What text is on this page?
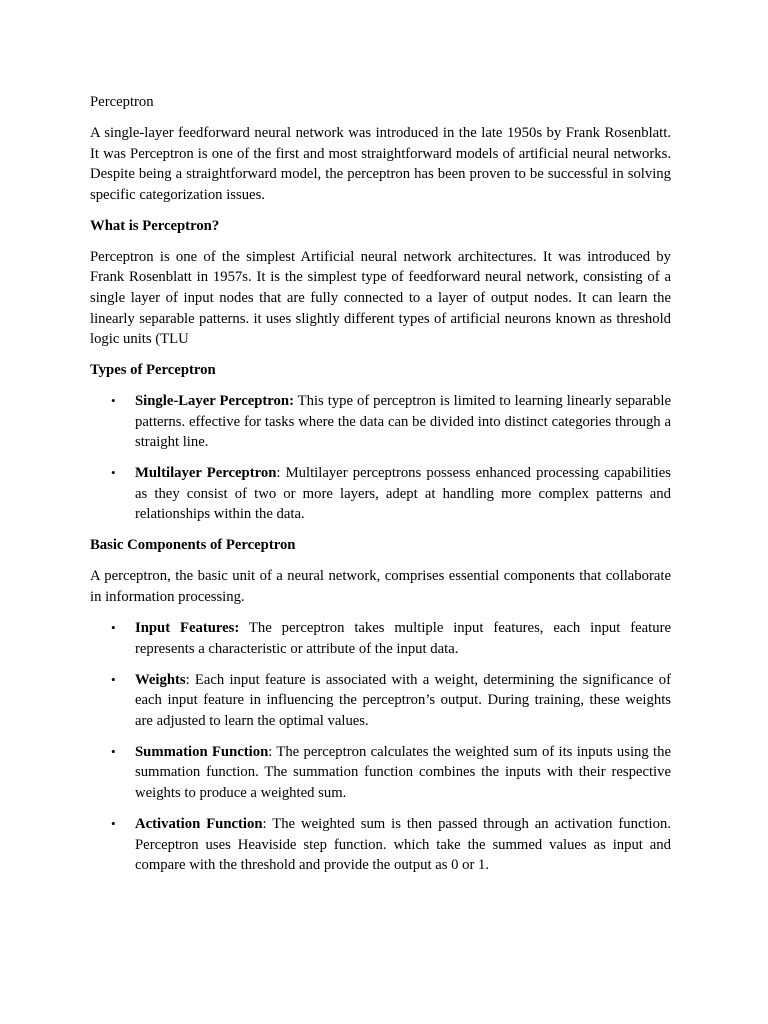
Perceptron

A single-layer feedforward neural network was introduced in the late 1950s by Frank Rosenblatt. It was Perceptron is one of the first and most straightforward models of artificial neural networks. Despite being a straightforward model, the perceptron has been proven to be successful in solving specific categorization issues.

What is Perceptron?

Perceptron is one of the simplest Artificial neural network architectures. It was introduced by Frank Rosenblatt in 1957s. It is the simplest type of feedforward neural network, consisting of a single layer of input nodes that are fully connected to a layer of output nodes. It can learn the linearly separable patterns. it uses slightly different types of artificial neurons known as threshold logic units (TLU

Types of Perceptron

• Single-Layer Perceptron: This type of perceptron is limited to learning linearly separable patterns. effective for tasks where the data can be divided into distinct categories through a straight line.
• Multilayer Perceptron: Multilayer perceptrons possess enhanced processing capabilities as they consist of two or more layers, adept at handling more complex patterns and relationships within the data.

Basic Components of Perceptron

A perceptron, the basic unit of a neural network, comprises essential components that collaborate in information processing.

• Input Features: The perceptron takes multiple input features, each input feature represents a characteristic or attribute of the input data.
• Weights: Each input feature is associated with a weight, determining the significance of each input feature in influencing the perceptron’s output. During training, these weights are adjusted to learn the optimal values.
• Summation Function: The perceptron calculates the weighted sum of its inputs using the summation function. The summation function combines the inputs with their respective weights to produce a weighted sum.
• Activation Function: The weighted sum is then passed through an activation function. Perceptron uses Heaviside step function. which take the summed values as input and compare with the threshold and provide the output as 0 or 1.
